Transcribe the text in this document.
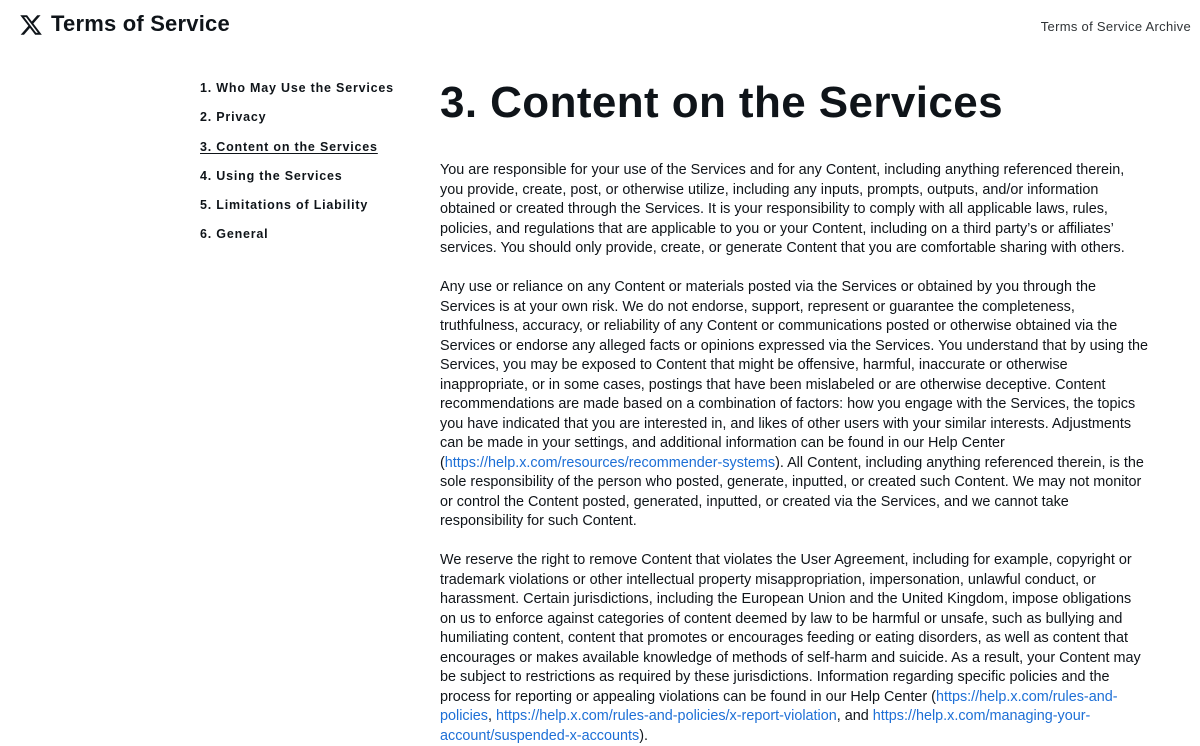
Terms of Service	Terms of Service Archive
1. Who May Use the Services
2. Privacy
3. Content on the Services
4. Using the Services
5. Limitations of Liability
6. General
3. Content on the Services

You are responsible for your use of the Services and for any Content, including anything referenced therein, you provide, create, post, or otherwise utilize, including any inputs, prompts, outputs, and/or information obtained or created through the Services. It is your responsibility to comply with all applicable laws, rules, policies, and regulations that are applicable to you or your Content, including on a third party’s or affiliates’ services. You should only provide, create, or generate Content that you are comfortable sharing with others.

Any use or reliance on any Content or materials posted via the Services or obtained by you through the Services is at your own risk. We do not endorse, support, represent or guarantee the completeness, truthfulness, accuracy, or reliability of any Content or communications posted or otherwise obtained via the Services or endorse any alleged facts or opinions expressed via the Services. You understand that by using the Services, you may be exposed to Content that might be offensive, harmful, inaccurate or otherwise inappropriate, or in some cases, postings that have been mislabeled or are otherwise deceptive. Content recommendations are made based on a combination of factors: how you engage with the Services, the topics you have indicated that you are interested in, and likes of other users with your similar interests. Adjustments can be made in your settings, and additional information can be found in our Help Center (https://help.x.com/resources/recommender-systems). All Content, including anything referenced therein, is the sole responsibility of the person who posted, generate, inputted, or created such Content. We may not monitor or control the Content posted, generated, inputted, or created via the Services, and we cannot take responsibility for such Content.

We reserve the right to remove Content that violates the User Agreement, including for example, copyright or trademark violations or other intellectual property misappropriation, impersonation, unlawful conduct, or harassment. Certain jurisdictions, including the European Union and the United Kingdom, impose obligations on us to enforce against categories of content deemed by law to be harmful or unsafe, such as bullying and humiliating content, content that promotes or encourages feeding or eating disorders, as well as content that encourages or makes available knowledge of methods of self-harm and suicide. As a result, your Content may be subject to restrictions as required by these jurisdictions. Information regarding specific policies and the process for reporting or appealing violations can be found in our Help Center (https://help.x.com/rules-and-policies, https://help.x.com/rules-and-policies/x-report-violation, and https://help.x.com/managing-your-account/suspended-x-accounts).
